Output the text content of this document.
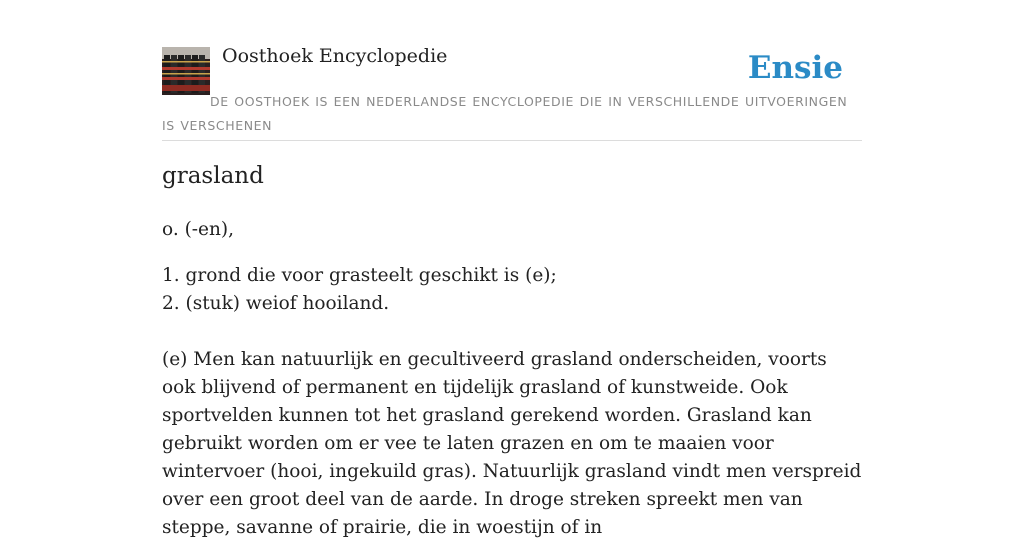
Oosthoek Encyclopedie	Ensie
DE OOSTHOEK IS EEN NEDERLANDSE ENCYCLOPEDIE DIE IN VERSCHILLENDE UITVOERINGEN IS VERSCHENEN
grasland

o. (-en),

1. grond die voor grasteelt geschikt is (e);
2. (stuk) weiof hooiland.

(e) Men kan natuurlijk en gecultiveerd grasland onderscheiden, voorts ook blijvend of permanent en tijdelijk grasland of kunstweide. Ook sportvelden kunnen tot het grasland gerekend worden. Grasland kan gebruikt worden om er vee te laten grazen en om te maaien voor wintervoer (hooi, ingekuild gras). Natuurlijk grasland vindt men verspreid over een groot deel van de aarde. In droge streken spreekt men van steppe, savanne of prairie, die in woestijn of in
